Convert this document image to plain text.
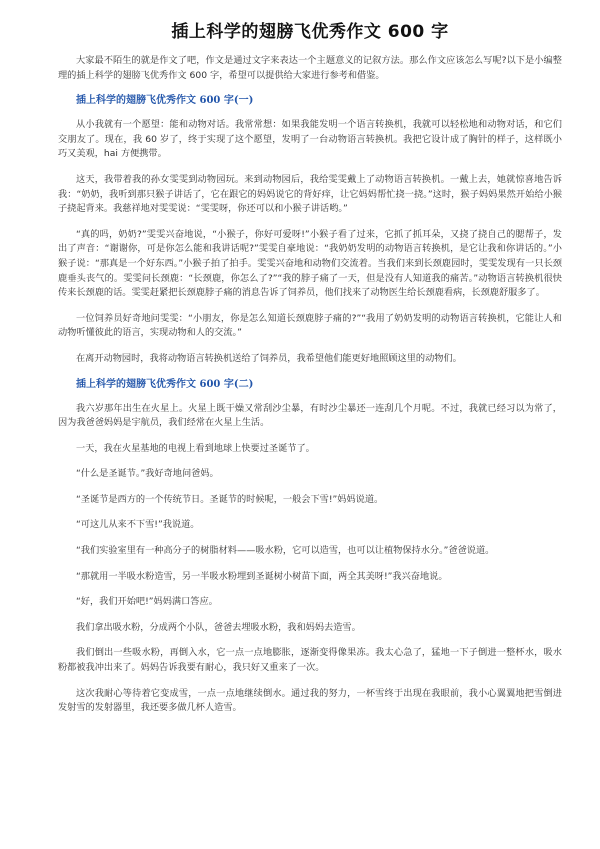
插上科学的翅膀飞优秀作文 600 字
大家最不陌生的就是作文了吧，作文是通过文字来表达一个主题意义的记叙方法。那么作文应该怎么写呢?以下是小编整理的插上科学的翅膀飞优秀作文 600 字，希望可以提供给大家进行参考和借鉴。
插上科学的翅膀飞优秀作文 600 字(一)
从小我就有一个愿望：能和动物对话。我常常想：如果我能发明一个语言转换机，我就可以轻松地和动物对话，和它们交朋友了。现在，我 60 岁了，终于实现了这个愿望，发明了一台动物语言转换机。我把它设计成了胸针的样子，这样既小巧又美观，hai 方便携带。
这天，我带着我的孙女雯雯到动物园玩。来到动物园后，我给雯雯戴上了动物语言转换机。一戴上去，她就惊喜地告诉我：“奶奶，我听到那只猴子讲话了，它在跟它的妈妈说它的背好痒，让它妈妈帮忙挠一挠。”这时，猴子妈妈果然开始给小猴子挠起背来。我慈祥地对雯雯说：“雯雯呀，你还可以和小猴子讲话哟。”
“真的吗，奶奶?”雯雯兴奋地说，“小猴子，你好可爱呀!”小猴子看了过来，它抓了抓耳朵，又挠了挠自己的腮帮子，发出了声音：“谢谢你，可是你怎么能和我讲话呢?”雯雯自豪地说：“我奶奶发明的动物语言转换机，是它让我和你讲话的。”小猴子说：“那真是一个好东西。”小猴子拍了拍手。雯雯兴奋地和动物们交流着。当我们来到长颈鹿园时，雯雯发现有一只长颈鹿垂头丧气的。雯雯问长颈鹿：“长颈鹿，你怎么了?”“我的脖子痛了一天，但是没有人知道我的痛苦。”动物语言转换机很快传来长颈鹿的话。雯雯赶紧把长颈鹿脖子痛的消息告诉了饲养员，他们找来了动物医生给长颈鹿看病，长颈鹿舒服多了。
一位饲养员好奇地问雯雯：“小朋友，你是怎么知道长颈鹿脖子痛的?”“我用了奶奶发明的动物语言转换机，它能让人和动物听懂彼此的语言，实现动物和人的交流。”
在离开动物园时，我将动物语言转换机送给了饲养员，我希望他们能更好地照顾这里的动物们。
插上科学的翅膀飞优秀作文 600 字(二)
我六岁那年出生在火星上。火星上既干燥又常刮沙尘暴，有时沙尘暴还一连刮几个月呢。不过，我就已经习以为常了，因为我爸爸妈妈是宇航员，我们经常在火星上生活。
一天，我在火星基地的电视上看到地球上快要过圣诞节了。
“什么是圣诞节。”我好奇地问爸妈。
“圣诞节是西方的一个传统节日。圣诞节的时候呢，一般会下雪!”妈妈说道。
“可这儿从来不下雪!”我说道。
“我们实验室里有一种高分子的树脂材料——吸水粉，它可以造雪，也可以让植物保持水分。”爸爸说道。
“那就用一半吸水粉造雪，另一半吸水粉埋到圣诞树小树苗下面，两全其美呀!”我兴奋地说。
“好，我们开始吧!”妈妈满口答应。
我们拿出吸水粉，分成两个小队，爸爸去埋吸水粉，我和妈妈去造雪。
我们倒出一些吸水粉，再倒入水，它一点一点地膨胀，逐渐变得像果冻。我太心急了，猛地一下子倒进一整杯水，吸水粉都被我冲出来了。妈妈告诉我要有耐心，我只好又重来了一次。
这次我耐心等待着它变成雪，一点一点地继续倒水。通过我的努力，一杯雪终于出现在我眼前，我小心翼翼地把雪倒进发射雪的发射器里，我还要多做几杯人造雪。
